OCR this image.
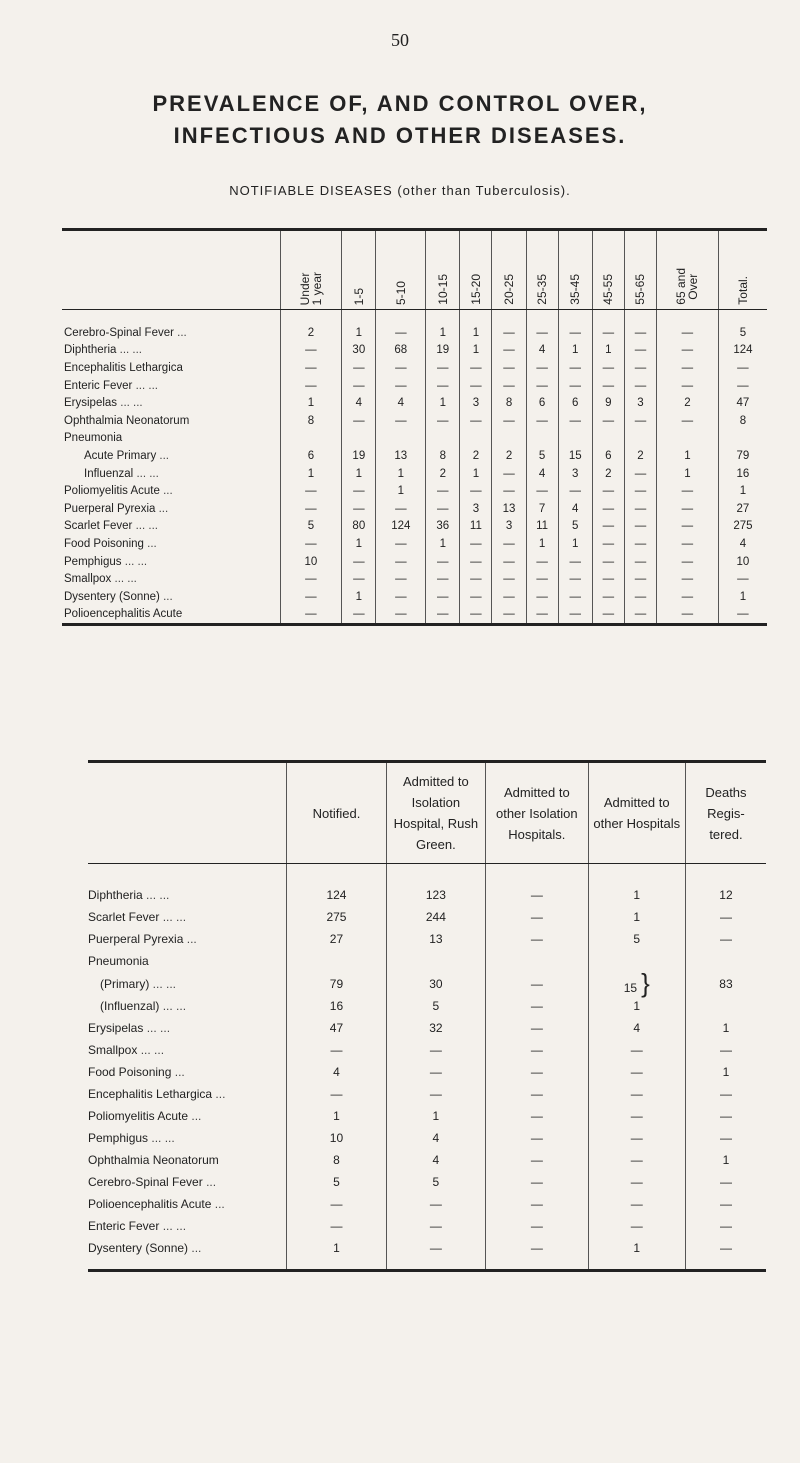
50
PREVALENCE OF, AND CONTROL OVER,
INFECTIOUS AND OTHER DISEASES.
NOTIFIABLE DISEASES (other than Tuberculosis).

	Under
1 year	1-5	5-10	10-15	15-20	20-25	25-35	35-45	45-55	55-65	65 and
Over	Total.

Cerebro-Spinal Fever ...	2	1	—	1	1	—	—	—	—	—	—	5
Diphtheria ... ...	—	30	68	19	1	—	4	1	1	—	—	124
Encephalitis Lethargica	—	—	—	—	—	—	—	—	—	—	—	—
Enteric Fever ... ...	—	—	—	—	—	—	—	—	—	—	—	—
Erysipelas ... ...	1	4	4	1	3	8	6	6	9	3	2	47
Ophthalmia Neonatorum	8	—	—	—	—	—	—	—	—	—	—	8
Pneumonia												
Acute Primary ...	6	19	13	8	2	2	5	15	6	2	1	79
Influenzal ... ...	1	1	1	2	1	—	4	3	2	—	1	16
Poliomyelitis Acute ...	—	—	1	—	—	—	—	—	—	—	—	1
Puerperal Pyrexia ...	—	—	—	—	3	13	7	4	—	—	—	27
Scarlet Fever ... ...	5	80	124	36	11	3	11	5	—	—	—	275
Food Poisoning ...	—	1	—	1	—	—	1	1	—	—	—	4
Pemphigus ... ...	10	—	—	—	—	—	—	—	—	—	—	10
Smallpox ... ...	—	—	—	—	—	—	—	—	—	—	—	—
Dysentery (Sonne) ...	—	1	—	—	—	—	—	—	—	—	—	1
Polioencephalitis Acute	—	—	—	—	—	—	—	—	—	—	—	—
	Notified.	Admitted to Isolation Hospital, Rush Green.	Admitted to other Isolation Hospitals.	Admitted to other Hospitals	Deaths Regis- tered.
Diphtheria ... ...	124	123	—	1	12
Scarlet Fever ... ...	275	244	—	1	—
Puerperal Pyrexia ...	27	13	—	5	—
Pneumonia					
(Primary) ... ...	79	30	—	15 }	83
(Influenzal) ... ...	16	5	—	1	
Erysipelas ... ...	47	32	—	4	1
Smallpox ... ...	—	—	—	—	—
Food Poisoning ...	4	—	—	—	1
Encephalitis Lethargica ...	—	—	—	—	—
Poliomyelitis Acute ...	1	1	—	—	—
Pemphigus ... ...	10	4	—	—	—
Ophthalmia Neonatorum	8	4	—	—	1
Cerebro-Spinal Fever ...	5	5	—	—	—
Polioencephalitis Acute ...	—	—	—	—	—
Enteric Fever ... ...	—	—	—	—	—
Dysentery (Sonne) ...	1	—	—	1	—
